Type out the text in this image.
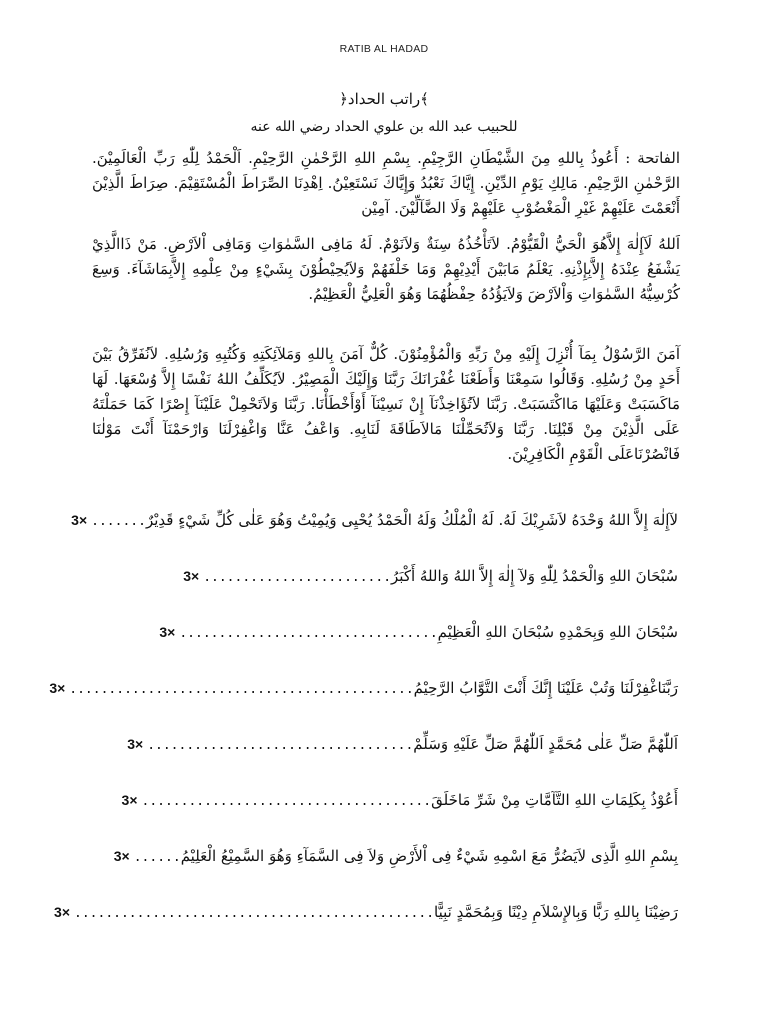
RATIB AL HADAD
﴾راتب الحداد﴿
للحبيب عبد الله بن علوي الحداد رضي الله عنه
الفاتحة : أَعُوذُ بِاللهِ مِنَ الشَّيْطَانِ الرَّجِيْمِ. بِسْمِ اللهِ الرَّحْمٰنِ الرَّحِيْمِ. اَلْحَمْدُ لِلّٰهِ رَبِّ الْعَالَمِيْنَ. الرَّحْمٰنِ الرَّحِيْمِ. مَالِكِ يَوْمِ الدِّيْنِ. إِيَّاكَ نَعْبُدُ وَإِيَّاكَ نَسْتَعِيْنُ. اِهْدِنَا الصِّرَاطَ الْمُسْتَقِيْمَ. صِرَاطَ الَّذِيْنَ أَنْعَمْتَ عَلَيْهِمْ غَيْرِ الْمَغْضُوْبِ عَلَيْهِمْ وَلَا الضَّآلِّيْنَ. آمِيْن
اَللهُ لَآإِلٰهَ إِلاَّهُوَ الْحَيُّ الْقَيُّوْمُ. لاَتَأْخُذُهُ سِنَةٌ وَلاَنَوْمٌ. لَهُ مَافِى السَّمٰوَاتِ وَمَافِى اْلاَرْضِ. مَنْ ذَاالَّذِيْ يَشْفَعُ عِنْدَهُ إِلاَّبِإِذْنِهِ. يَعْلَمُ مَابَيْنَ أَيْدِيْهِمْ وَمَا خَلْفَهُمْ وَلاَيُحِيْطُوْنَ بِشَيْءٍ مِنْ عِلْمِهِ إِلاَّبِمَاشَآءَ. وَسِعَ كُرْسِيُّهُ السَّمٰوَاتِ وَاْلاَرْضَ وَلاَيَؤُدُهُ حِفْظُهُمَا وَهُوَ الْعَلِيُّ الْعَظِيْمُ.
آمَنَ الرَّسُوْلُ بِمَآ أُنْزِلَ إِلَيْهِ مِنْ رَبِّهِ وَالْمُؤْمِنُوْنَ. كُلٌّ آمَنَ بِاللهِ وَمَلآئِكَتِهِ وَكُتُبِهِ وَرُسُلِهِ. لاَنُفَرِّقُ بَيْنَ أَحَدٍ مِنْ رُسُلِهِ. وَقَالُوا سَمِعْنَا وَأَطَعْنَا غُفْرَانَكَ رَبَّنَا وَإِلَيْكَ الْمَصِيْرُ. لاَيُكَلِّفُ اللهُ نَفْسًا إِلاَّ وُسْعَهَا. لَهَا مَاكَسَبَتْ وَعَلَيْهَا مَااكْتَسَبَتْ. رَبَّنَا لاَتُؤَاخِذْنَآ إِنْ نَسِيْنَآ أَوْأَخْطَأْنَا. رَبَّنَا وَلاَتَحْمِلْ عَلَيْنَآ إِصْرًا كَمَا حَمَلْتَهُ عَلَى الَّذِيْنَ مِنْ قَبْلِنَا. رَبَّنَا وَلاَتُحَمِّلْنَا مَالاَطَاقَةَ لَنَابِهِ. وَاعْفُ عَنَّا وَاغْفِرْلَنَا وَارْحَمْنَآ أَنْتَ مَوْلٰنَا فَانْصُرْنَاعَلَى الْقَوْمِ الْكَافِرِيْنَ.
لآإِلٰهَ إِلاَّ اللهُ وَحْدَهُ لاَشَرِيْكَ لَهُ. لَهُ الْمُلْكُ وَلَهُ الْحَمْدُ يُحْيِى وَيُمِيْتُ وَهُوَ عَلٰى كُلِّ شَيْءٍ قَدِيْرٌ.......3×
سُبْحَانَ اللهِ وَالْحَمْدُ لِلّٰهِ وَلآ إِلٰهَ إِلاَّ اللهُ وَاللهُ أَكْبَرُ........................3×
سُبْحَانَ اللهِ وَبِحَمْدِهِ سُبْحَانَ اللهِ الْعَظِيْمِ.................................3×
رَبَّنَاغْفِرْلَنَا وَتُبْ عَلَيْنَا إِنَّكَ أَنْتَ التَّوَّابُ الرَّحِيْمُ............................................3×
اَللّٰهُمَّ صَلِّ عَلٰى مُحَمَّدٍ اَللّٰهُمَّ صَلِّ عَلَيْهِ وَسَلِّمْ..................................3×
أَعُوْذُ بِكَلِمَاتِ اللهِ التَّآمَّاتِ مِنْ شَرِّ مَاخَلَقَ.....................................3×
بِسْمِ اللهِ الَّذِى لاَيَضُرُّ مَعَ اسْمِهِ شَيْءٌ فِى اْلأَرْضِ وَلاَ فِى السَّمَآءِ وَهُوَ السَّمِيْعُ الْعَلِيْمُ......3×
رَضِيْنَا بِاللهِ رَبًّا وَبِالإِسْلاَمِ دِيْنًا وَبِمُحَمَّدٍ نَبِيًّا..............................................3×
